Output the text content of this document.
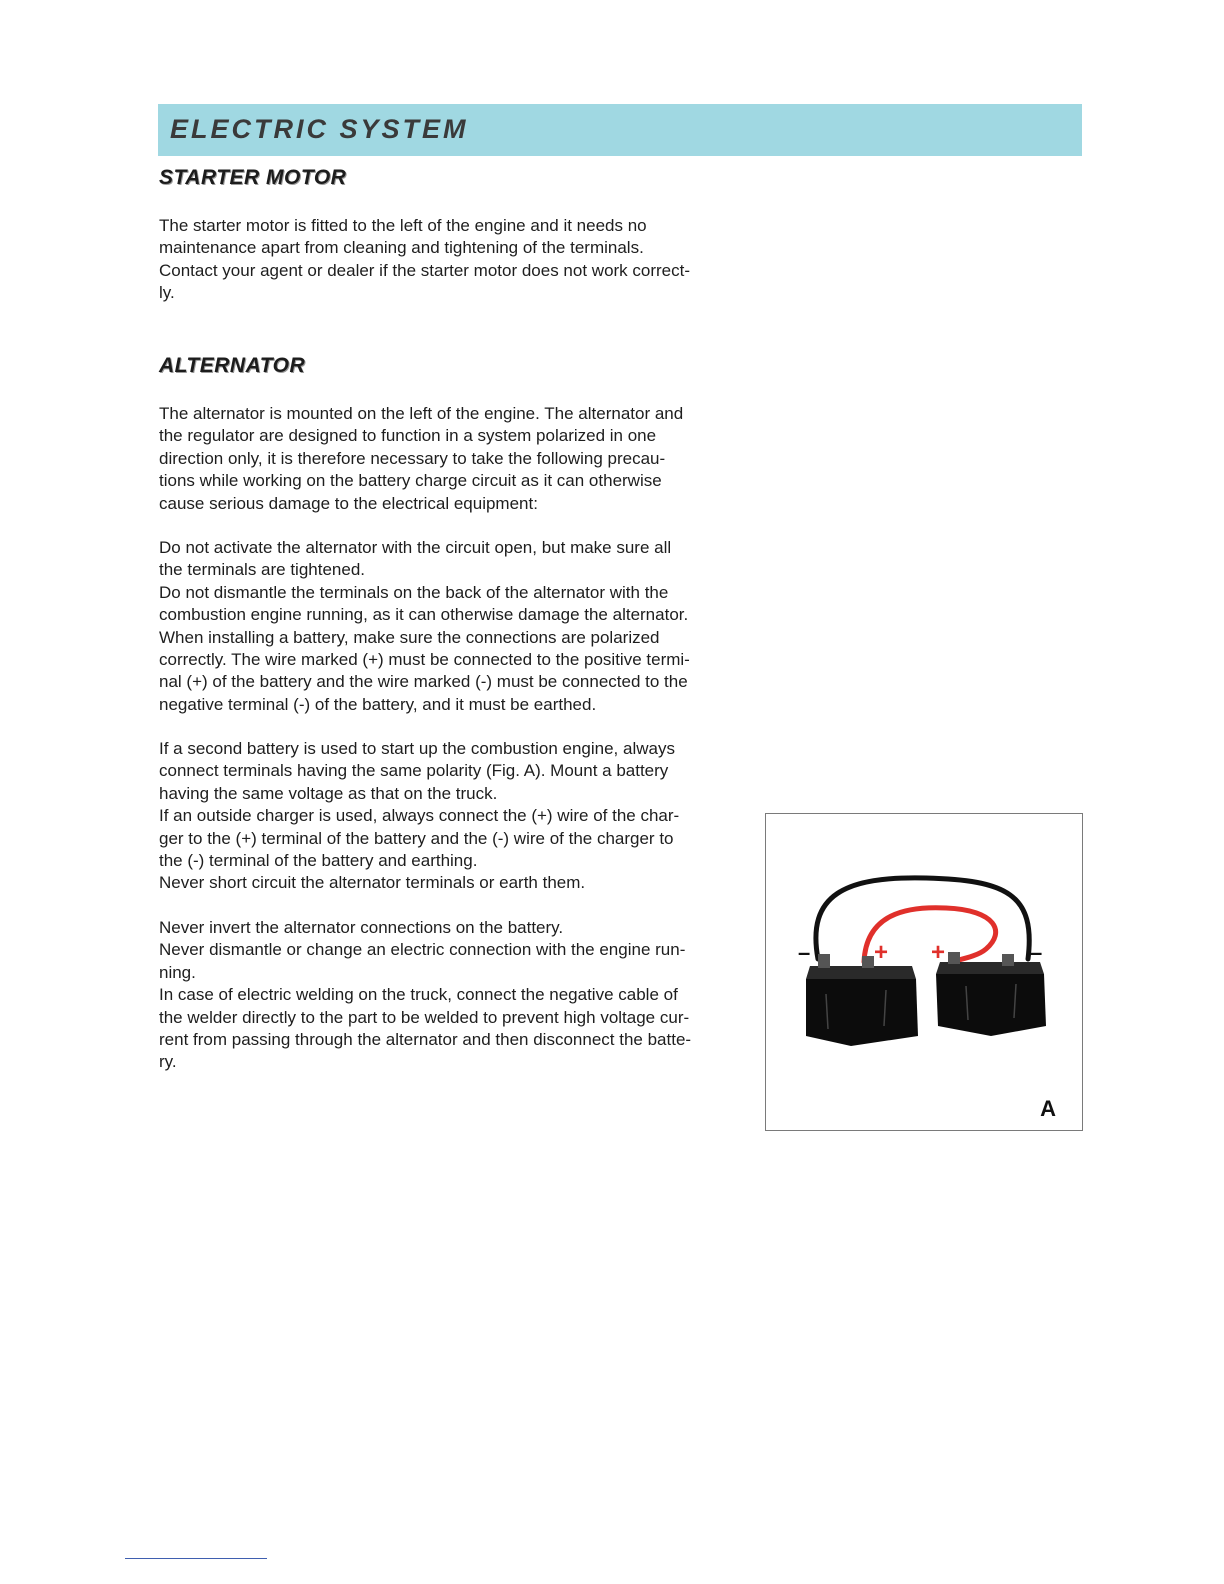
ELECTRIC SYSTEM
STARTER MOTOR
The starter motor is fitted to the left of the engine and it needs no
maintenance apart from cleaning and tightening of the terminals.
Contact your agent or dealer if the starter motor does not work correct-
ly.
ALTERNATOR
The alternator is mounted on the left of the engine. The alternator and
the regulator are designed to function in a system polarized in one
direction only, it is therefore necessary to take the following precau-
tions while working on the battery charge circuit as it can otherwise
cause serious damage to the electrical equipment:
Do not activate the alternator with the circuit open, but make sure all
the terminals are tightened.
Do not dismantle the terminals on the back of the alternator with the
combustion engine running, as it can otherwise damage the alternator.
When installing a battery, make sure the connections are polarized
correctly. The wire marked (+) must be connected to the positive termi-
nal (+) of the battery and the wire marked (-) must be connected to the
negative terminal (-) of the battery, and it must be earthed.
If a second battery is used to start up the combustion engine, always
connect terminals having the same polarity (Fig. A). Mount a battery
having the same voltage as that on the truck.
If an outside charger is used, always connect the (+) wire of the char-
ger to the (+) terminal of the battery and the (-) wire of the charger to
the (-) terminal of the battery and earthing.
Never short circuit the alternator terminals or earth them.
Never invert the alternator connections on the battery.
Never dismantle or change an electric connection with the engine run-
ning.
In case of electric welding on the truck, connect the negative cable of
the welder directly to the part to be welded to prevent high voltage cur-
rent from passing through the alternator and then disconnect the batte-
ry.
–	+ +	–
A
